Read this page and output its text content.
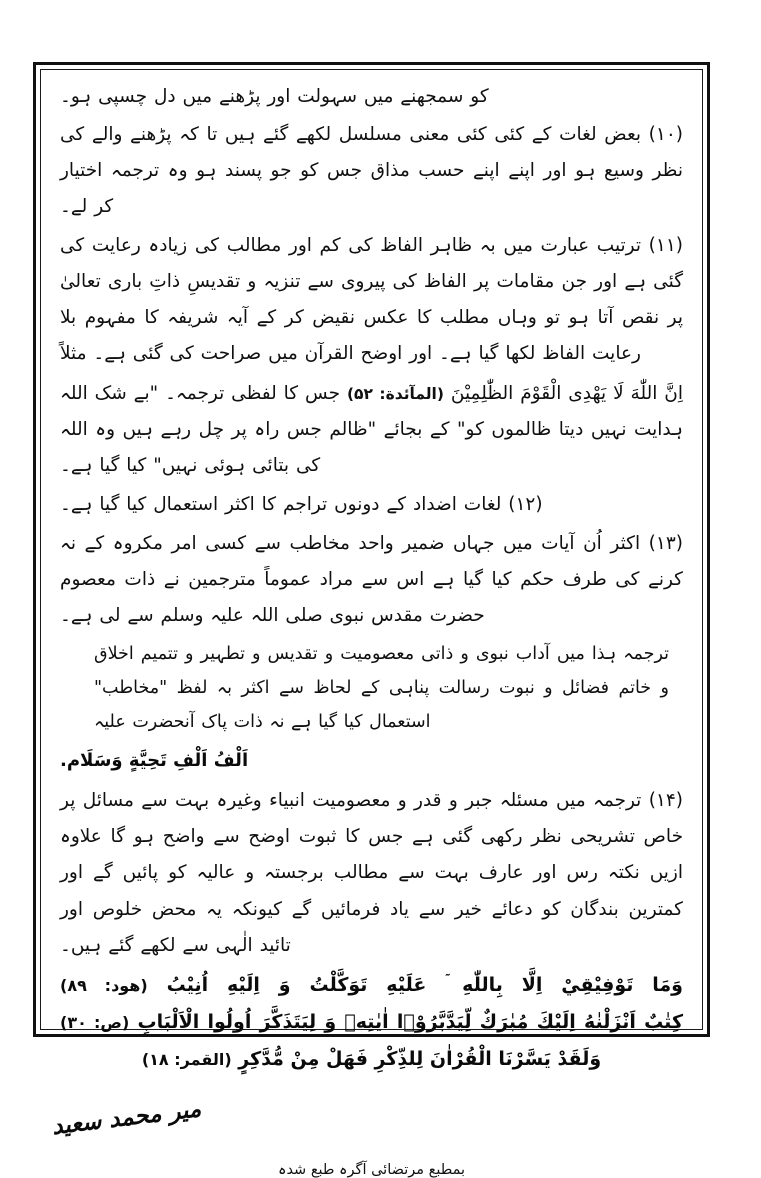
کو سمجھنے میں سہولت اور پڑھنے میں دل چسپی ہو۔
(۱۰) بعض لغات کے کئی کئی معنی مسلسل لکھے گئے ہیں تا کہ پڑھنے والے کی نظر وسیع ہو اور اپنے اپنے حسب مذاق جس کو جو پسند ہو وہ ترجمہ اختیار کر لے۔
(۱۱) ترتیب عبارت میں بہ ظاہر الفاظ کی کم اور مطالب کی زیادہ رعایت کی گئی ہے اور جن مقامات پر الفاظ کی پیروی سے تنزیہ و تقدیسِ ذاتِ باری تعالیٰ پر نقص آتا ہو تو وہاں مطلب کا عکس نقیض کر کے آیہ شریفہ کا مفہوم بلا رعایت الفاظ لکھا گیا ہے۔ اور اوضح القرآن میں صراحت کی گئی ہے۔ مثلاً
اِنَّ اللّٰهَ لَا يَهْدِى الْقَوْمَ الظّٰلِمِيْنَ (المآئدة: ۵۲) جس کا لفظی ترجمہ۔ "بے شک اللہ ہدایت نہیں دیتا ظالموں کو" کے بجائے "ظالم جس راہ پر چل رہے ہیں وہ اللہ کی بتائی ہوئی نہیں" کیا گیا ہے۔
(۱۲) لغات اضداد کے دونوں تراجم کا اکثر استعمال کیا گیا ہے۔
(۱۳) اکثر اُن آیات میں جہاں ضمیر واحد مخاطب سے کسی امر مکروہ کے نہ کرنے کی طرف حکم کیا گیا ہے اس سے مراد عموماً مترجمین نے ذات معصوم حضرت مقدس نبوی صلی اللہ علیہ وسلم سے لی ہے۔
ترجمہ ہذا میں آداب نبوی و ذاتی معصومیت و تقدیس و تطہیر و تتمیم اخلاق و خاتم فضائل و نبوت رسالت پناہی کے لحاظ سے اکثر بہ لفظ "مخاطب" استعمال کیا گیا ہے نہ ذات پاک آنحضرت علیہ
اَلْفُ اَلْفِ تَحِيَّةٍ وَسَلَام.
(۱۴) ترجمہ میں مسئلہ جبر و قدر و معصومیت انبیاء وغیرہ بہت سے مسائل پر خاص تشریحی نظر رکھی گئی ہے جس کا ثبوت اوضح سے واضح ہو گا علاوہ ازیں نکتہ رس اور عارف بہت سے مطالب برجستہ و عالیہ کو پائیں گے اور کمترین بندگان کو دعائے خیر سے یاد فرمائیں گے کیونکہ یہ محض خلوص اور تائید الٰہی سے لکھے گئے ہیں۔
وَمَا تَوْفِيْقِيْ اِلَّا بِاللّٰهِ ۤ عَلَيْهِ تَوَكَّلْتُ وَ اِلَيْهِ اُنِيْبُ (هود: ۸۹)
كِتٰبٌ اَنْزَلْنٰهُ اِلَيْكَ مُبٰرَكٌ لِّيَدَّبَّرُوْۤا اٰيٰتِهٖ وَ لِيَتَذَكَّرَ اُولُوا الْاَلْبَابِ (ص: ۳۰)
وَلَقَدْ يَسَّرْنَا الْقُرْاٰنَ لِلذِّكْرِ فَهَلْ مِنْ مُّدَّكِرٍ (القمر: ۱۸)
میر محمد سعید
بمطبع مرتضائی آگرہ طبع شدہ
